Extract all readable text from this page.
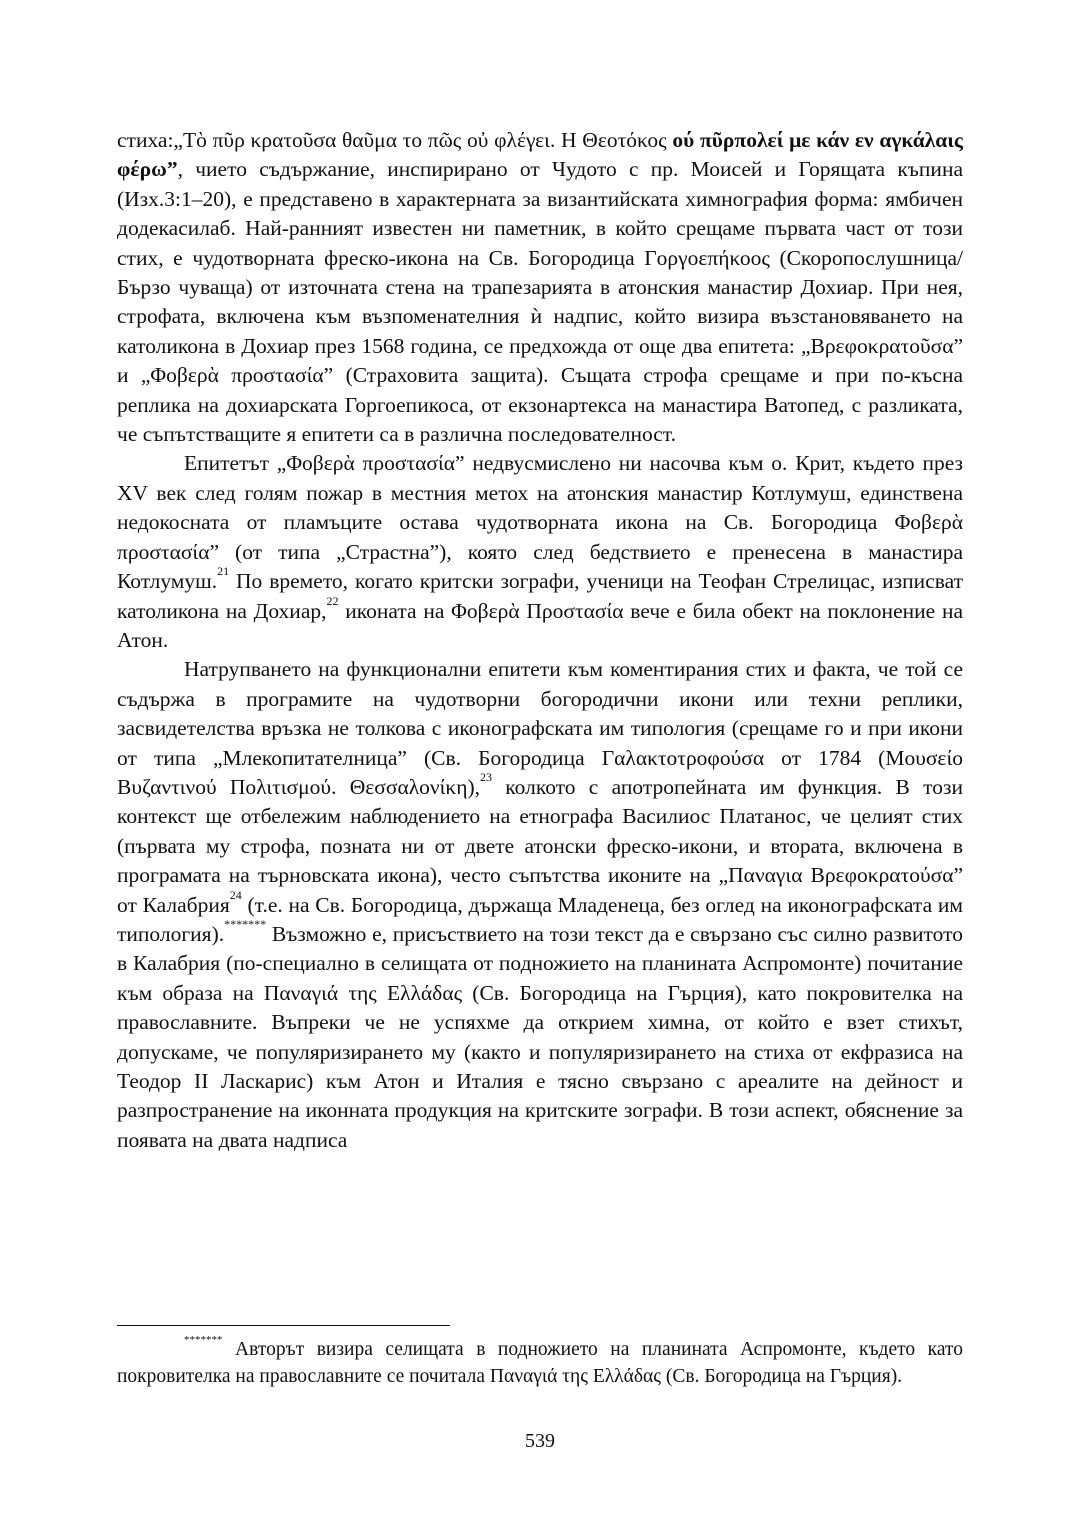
стиха:„Τὸ πῦρ κρατοῦσα θαῦμα το πῶς οὐ φλέγει. Η Θεοτόκος ού πῦρπολεί με κάν εν αγκάλαις φέρω”, чието съдържание, инспирирано от Чудото с пр. Моисей и Горящата къпина (Изх.3:1–20), е представено в характерната за византийската химнография форма: ямбичен додекасилаб. Най-ранният известен ни паметник, в който срещаме първата част от този стих, е чудотворната фреско-икона на Св. Богородица Γοργοεπήκοος (Скоропослушница/ Бързо чуваща) от източната стена на трапезарията в атонския манастир Дохиар. При нея, строфата, включена към възпоменателния ѝ надпис, който визира възстановяването на католикона в Дохиар през 1568 година, се предхожда от още два епитета: „Βρεφοκρατοῦσα” и „Φοβερὰ προστασία” (Страховита защита). Същата строфа срещаме и при по-късна реплика на дохиарската Горгоепикоса, от екзонартекса на манастира Ватопед, с разликата, че съпътстващите я епитети са в различна последователност.

Епитетът „Φοβερὰ προστασία” недвусмислено ни насочва към о. Крит, където през XV век след голям пожар в местния метох на атонския манастир Котлумуш, единствена недокосната от пламъците остава чудотворната икона на Св. Богородица Φοβερὰ προστασία” (от типа „Страстна”), която след бедствието е пренесена в манастира Котлумуш.$^{21}$ По времето, когато критски зографи, ученици на Теофан Стрелицас, изписват католикона на Дохиар,$^{22}$ иконата на Φοβερὰ Προστασία вече е била обект на поклонение на Атон.

Натрупването на функционални епитети към коментирания стих и факта, че той се съдържа в програмите на чудотворни богородични икони или техни реплики, засвидетелства връзка не толкова с иконографската им типология (срещаме го и при икони от типа „Млекопитателница” (Св. Богородица Γαλακτοτροφούσα от 1784 (Μουσείο Βυζαντινού Πολιτισμού. Θεσσαλονίκη),$^{23}$ колкото с апотропейната им функция. В този контекст ще отбележим наблюдението на етнографа Василиос Платанос, че целият стих (първата му строфа, позната ни от двете атонски фреско-икони, и втората, включена в програмата на търновската икона), често съпътства иконите на „Παναγια Βρεφοκρατούσα” от Калабрия$^{24}$ (т.е. на Св. Богородица, държаща Младенеца, без оглед на иконографската им типология).******* Възможно е, присъствието на този текст да е свързано със силно развитото в Калабрия (по-специално в селищата от подножието на планината Аспромонте) почитание към образа на Παναγιά της Ελλάδας (Св. Богородица на Гърция), като покровителка на православните. Въпреки че не успяхме да открием химна, от който е взет стихът, допускаме, че популяризирането му (както и популяризирането на стиха от екфразиса на Теодор II Ласкарис) към Атон и Италия е тясно свързано с ареалите на дейност и разпространение на иконната продукция на критските зографи. В този аспект, обяснение за появата на двата надписа

******* Авторът визира селищата в подножието на планината Аспромонте, където като покровителка на православните се почитала Παναγιά της Ελλάδας (Св. Богородица на Гърция).

539
